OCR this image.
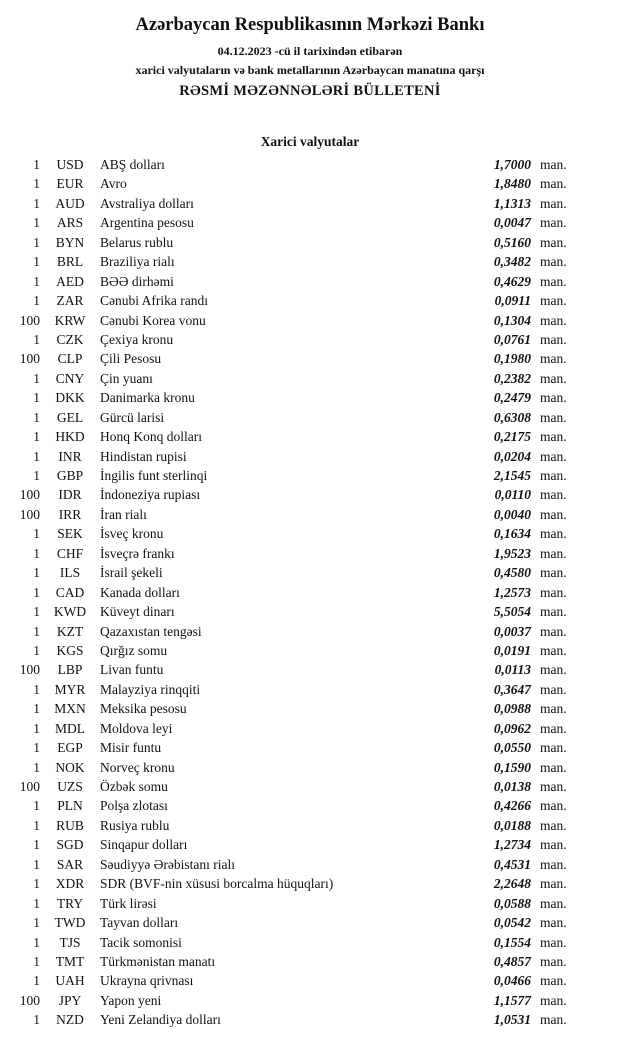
Azərbaycan Respublikasının Mərkəzi Bankı
04.12.2023 -cü il tarixindən etibarən
xarici valyutaların və bank metallarının Azərbaycan manatına qarşı
RƏSMİ MƏZƏNNƏLƏRİ BÜLLETENİ
Xarici valyutalar
1	USD	ABŞ dolları	1,7000 man.
1	EUR	Avro	1,8480 man.
1	AUD	Avstraliya dolları	1,1313 man.
1	ARS	Argentina pesosu	0,0047 man.
1	BYN	Belarus rublu	0,5160 man.
1	BRL	Braziliya rialı	0,3482 man.
1	AED	BƏƏ dirhəmi	0,4629 man.
1	ZAR	Cənubi Afrika randı	0,0911 man.
100	KRW	Cənubi Korea vonu	0,1304 man.
1	CZK	Çexiya kronu	0,0761 man.
100	CLP	Çili Pesosu	0,1980 man.
1	CNY	Çin yuanı	0,2382 man.
1	DKK	Danimarka kronu	0,2479 man.
1	GEL	Gürcü larisi	0,6308 man.
1	HKD	Honq Konq dolları	0,2175 man.
1	INR	Hindistan rupisi	0,0204 man.
1	GBP	İngilis funt sterlinqi	2,1545 man.
100	IDR	İndoneziya rupiası	0,0110 man.
100	IRR	İran rialı	0,0040 man.
1	SEK	İsveç kronu	0,1634 man.
1	CHF	İsveçrə frankı	1,9523 man.
1	ILS	İsrail şekeli	0,4580 man.
1	CAD	Kanada dolları	1,2573 man.
1	KWD	Küveyt dinarı	5,5054 man.
1	KZT	Qazaxıstan tengəsi	0,0037 man.
1	KGS	Qırğız somu	0,0191 man.
100	LBP	Livan funtu	0,0113 man.
1	MYR	Malayziya rinqqiti	0,3647 man.
1	MXN	Meksika pesosu	0,0988 man.
1	MDL	Moldova leyi	0,0962 man.
1	EGP	Misir funtu	0,0550 man.
1	NOK	Norveç kronu	0,1590 man.
100	UZS	Özbək somu	0,0138 man.
1	PLN	Polşa zlotası	0,4266 man.
1	RUB	Rusiya rublu	0,0188 man.
1	SGD	Sinqapur dolları	1,2734 man.
1	SAR	Səudiyyə Ərəbistanı rialı	0,4531 man.
1	XDR	SDR (BVF-nin xüsusi borcalma hüquqları)	2,2648 man.
1	TRY	Türk lirəsi	0,0588 man.
1	TWD	Tayvan dolları	0,0542 man.
1	TJS	Tacik somonisi	0,1554 man.
1	TMT	Türkmənistan manatı	0,4857 man.
1	UAH	Ukrayna qrivnası	0,0466 man.
100	JPY	Yapon yeni	1,1577 man.
1	NZD	Yeni Zelandiya dolları	1,0531 man.
